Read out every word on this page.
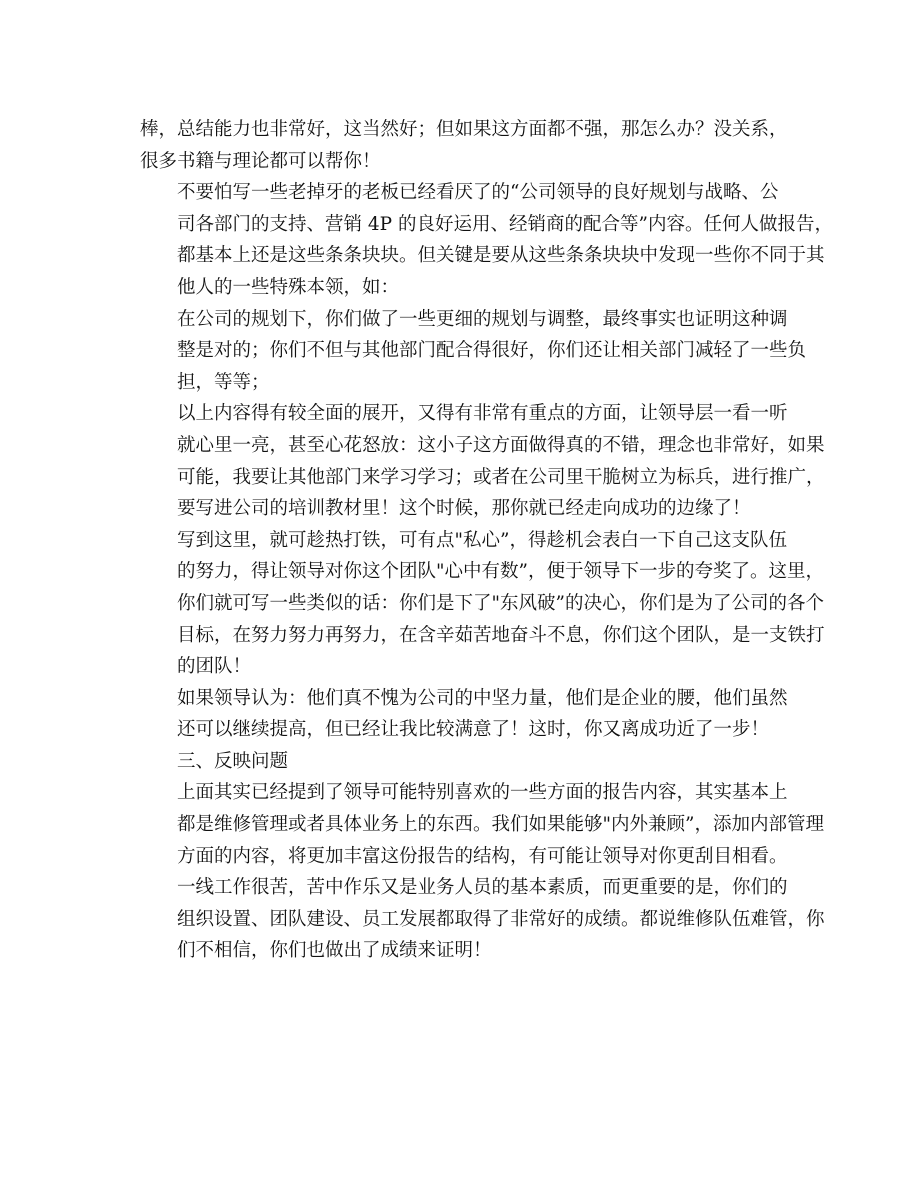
棒，总结能力也非常好，这当然好；但如果这方面都不强，那怎么办？没关系，
很多书籍与理论都可以帮你！
不要怕写一些老掉牙的老板已经看厌了的“公司领导的良好规划与战略、公
司各部门的支持、营销 4P 的良好运用、经销商的配合等”内容。任何人做报告，
都基本上还是这些条条块块。但关键是要从这些条条块块中发现一些你不同于其
他人的一些特殊本领，如：
在公司的规划下，你们做了一些更细的规划与调整，最终事实也证明这种调
整是对的；你们不但与其他部门配合得很好，你们还让相关部门减轻了一些负
担，等等；
以上内容得有较全面的展开，又得有非常有重点的方面，让领导层一看一听
就心里一亮，甚至心花怒放：这小子这方面做得真的不错，理念也非常好，如果
可能，我要让其他部门来学习学习；或者在公司里干脆树立为标兵，进行推广，
要写进公司的培训教材里！这个时候，那你就已经走向成功的边缘了！
写到这里，就可趁热打铁，可有点"私心”，得趁机会表白一下自己这支队伍
的努力，得让领导对你这个团队"心中有数”，便于领导下一步的夸奖了。这里，
你们就可写一些类似的话：你们是下了"东风破”的决心，你们是为了公司的各个
目标，在努力努力再努力，在含辛茹苦地奋斗不息，你们这个团队，是一支铁打
的团队！
如果领导认为：他们真不愧为公司的中坚力量，他们是企业的腰，他们虽然
还可以继续提高，但已经让我比较满意了！这时，你又离成功近了一步！
三、反映问题
上面其实已经提到了领导可能特别喜欢的一些方面的报告内容，其实基本上
都是维修管理或者具体业务上的东西。我们如果能够"内外兼顾”，添加内部管理
方面的内容，将更加丰富这份报告的结构，有可能让领导对你更刮目相看。
一线工作很苦，苦中作乐又是业务人员的基本素质，而更重要的是，你们的
组织设置、团队建设、员工发展都取得了非常好的成绩。都说维修队伍难管，你
们不相信，你们也做出了成绩来证明！
